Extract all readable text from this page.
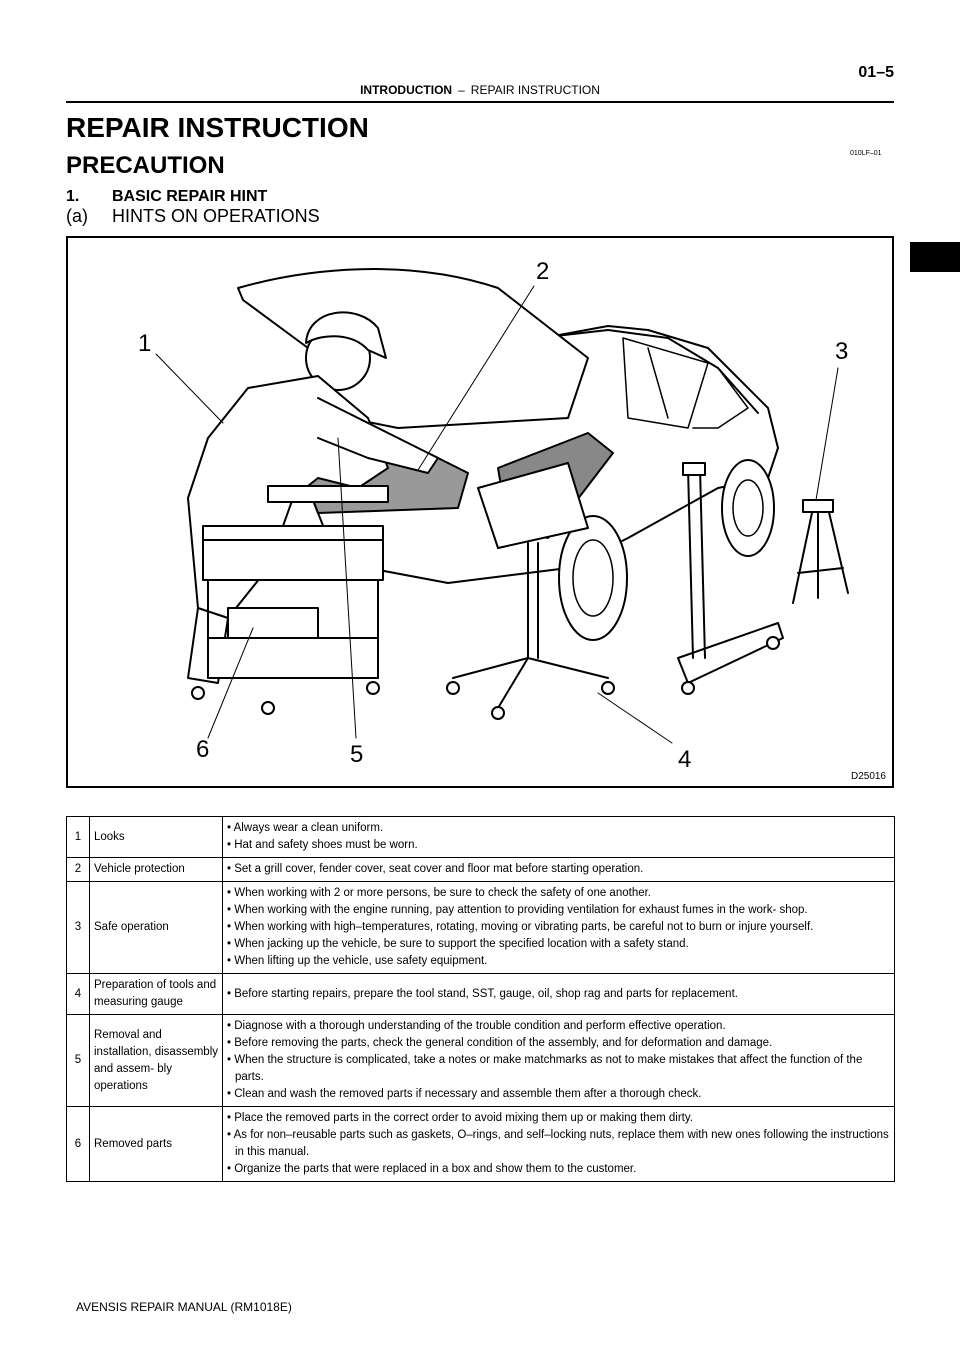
01–5
INTRODUCTION – REPAIR INSTRUCTION
REPAIR INSTRUCTION
010LF–01
PRECAUTION
1. BASIC REPAIR HINT
(a) HINTS ON OPERATIONS
1
2
3
4
5
6
D25016
1	Looks	• Always wear a clean uniform.
• Hat and safety shoes must be worn.

2	Vehicle protection	• Set a grill cover, fender cover, seat cover and floor mat before starting operation.

3	Safe operation	• When working with 2 or more persons, be sure to check the safety of one another.
• When working with the engine running, pay attention to providing ventilation for exhaust fumes in the work- shop.
• When working with high–temperatures, rotating, moving or vibrating parts, be careful not to burn or injure yourself.
• When jacking up the vehicle, be sure to support the specified location with a safety stand.
• When lifting up the vehicle, use safety equipment.

4	Preparation of tools and measuring gauge	• Before starting repairs, prepare the tool stand, SST, gauge, oil, shop rag and parts for replacement.

5	Removal and installation, disassembly and assem- bly operations	• Diagnose with a thorough understanding of the trouble condition and perform effective operation.
• Before removing the parts, check the general condition of the assembly, and for deformation and damage.
• When the structure is complicated, take a notes or make matchmarks as not to make mistakes that affect the function of the parts.
• Clean and wash the removed parts if necessary and assemble them after a thorough check.

6	Removed parts	• Place the removed parts in the correct order to avoid mixing them up or making them dirty.
• As for non–reusable parts such as gaskets, O–rings, and self–locking nuts, replace them with new ones following the instructions in this manual.
• Organize the parts that were replaced in a box and show them to the customer.
AVENSIS REPAIR MANUAL (RM1018E)
